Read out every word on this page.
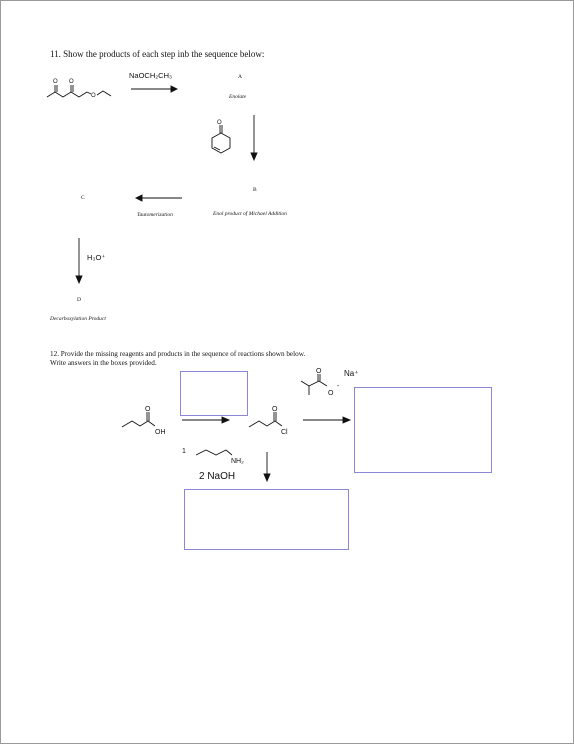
11. Show the products of each step inb the sequence below:
O O
O
NaOCH₂CH₃	A
Enolate
O
B
Enol product of Michael Addition
C
Tautomerization
H₃O⁺
D
Decarboxylation Product
12. Provide the missing reagents and products in the sequence of reactions shown below.
Write answers in the boxes provided.
O
OH
O
Cl
O
O
-
Na⁺
1
NH₂
2 NaOH
